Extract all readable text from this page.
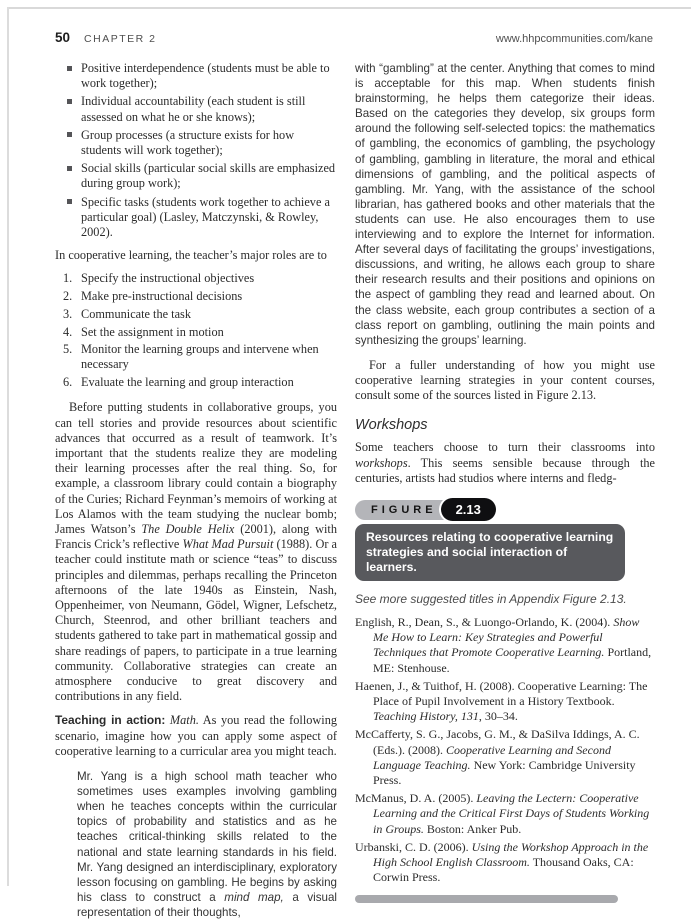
50 CHAPTER 2	www.hhpcommunities.com/kane
Positive interdependence (students must be able to work together);
Individual accountability (each student is still assessed on what he or she knows);
Group processes (a structure exists for how students will work together);
Social skills (particular social skills are emphasized during group work);
Specific tasks (students work together to achieve a particular goal) (Lasley, Matczynski, & Rowley, 2002).

In cooperative learning, the teacher’s major roles are to

1. Specify the instructional objectives
2. Make pre-instructional decisions
3. Communicate the task
4. Set the assignment in motion
5. Monitor the learning groups and intervene when necessary
6. Evaluate the learning and group interaction

Before putting students in collaborative groups, you can tell stories and provide resources about scientific advances that occurred as a result of teamwork. It’s important that the students realize they are modeling their learning processes after the real thing. So, for example, a classroom library could contain a biography of the Curies; Richard Feynman’s memoirs of working at Los Alamos with the team studying the nuclear bomb; James Watson’s The Double Helix (2001), along with Francis Crick’s reflective What Mad Pursuit (1988). Or a teacher could institute math or science “teas” to discuss principles and dilemmas, perhaps recalling the Princeton afternoons of the late 1940s as Einstein, Nash, Oppenheimer, von Neumann, Gödel, Wigner, Lefschetz, Church, Steenrod, and other brilliant teachers and students gathered to take part in mathematical gossip and share readings of papers, to participate in a true learning community. Collaborative strategies can create an atmosphere conducive to great discovery and contributions in any field.

Teaching in action: Math. As you read the following scenario, imagine how you can apply some aspect of cooperative learning to a curricular area you might teach.

Mr. Yang is a high school math teacher who sometimes uses examples involving gambling when he teaches concepts within the curricular topics of probability and statistics and as he teaches critical-thinking skills related to the national and state learning standards in his field. Mr. Yang designed an interdisciplinary, exploratory lesson focusing on gambling. He begins by asking his class to construct a mind map, a visual representation of their thoughts,
with “gambling” at the center. Anything that comes to mind is acceptable for this map. When students finish brainstorming, he helps them categorize their ideas. Based on the categories they develop, six groups form around the following self-selected topics: the mathematics of gambling, the economics of gambling, the psychology of gambling, gambling in literature, the moral and ethical dimensions of gambling, and the political aspects of gambling. Mr. Yang, with the assistance of the school librarian, has gathered books and other materials that the students can use. He also encourages them to use interviewing and to explore the Internet for information. After several days of facilitating the groups’ investigations, discussions, and writing, he allows each group to share their research results and their positions and opinions on the aspect of gambling they read and learned about. On the class website, each group contributes a section of a class report on gambling, outlining the main points and synthesizing the groups’ learning.

For a fuller understanding of how you might use cooperative learning strategies in your content courses, consult some of the sources listed in Figure 2.13.

Workshops

Some teachers choose to turn their classrooms into workshops. This seems sensible because through the centuries, artists had studios where interns and fledg-

FIGURE	2.13
Resources relating to cooperative learning strategies and social interaction of learners.
See more suggested titles in Appendix Figure 2.13.
English, R., Dean, S., & Luongo-Orlando, K. (2004). Show Me How to Learn: Key Strategies and Powerful Techniques that Promote Cooperative Learning. Portland, ME: Stenhouse.
Haenen, J., & Tuithof, H. (2008). Cooperative Learning: The Place of Pupil Involvement in a History Textbook. Teaching History, 131, 30–34.
McCafferty, S. G., Jacobs, G. M., & DaSilva Iddings, A. C. (Eds.). (2008). Cooperative Learning and Second Language Teaching. New York: Cambridge University Press.
McManus, D. A. (2005). Leaving the Lectern: Cooperative Learning and the Critical First Days of Students Working in Groups. Boston: Anker Pub.
Urbanski, C. D. (2006). Using the Workshop Approach in the High School English Classroom. Thousand Oaks, CA: Corwin Press.
